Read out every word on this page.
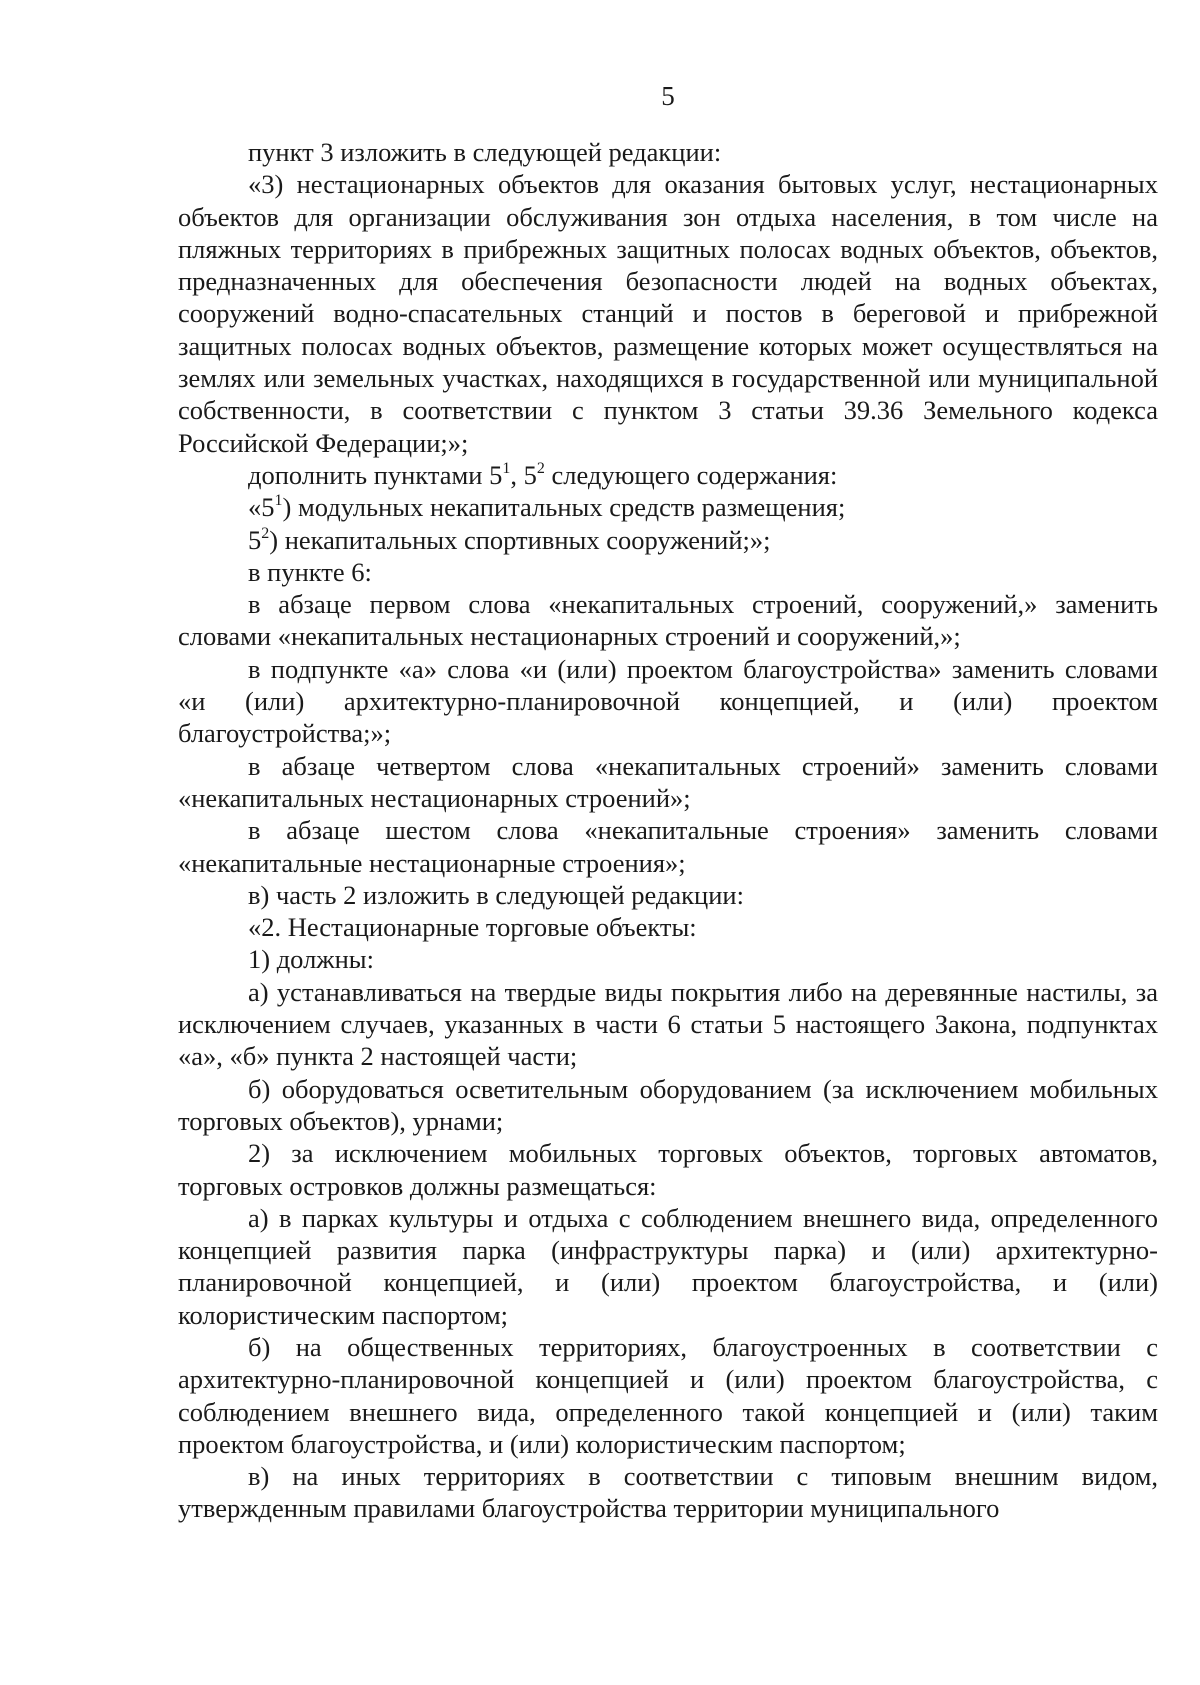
5

пункт 3 изложить в следующей редакции:

«3) нестационарных объектов для оказания бытовых услуг, нестационарных объектов для организации обслуживания зон отдыха населения, в том числе на пляжных территориях в прибрежных защитных полосах водных объектов, объектов, предназначенных для обеспечения безопасности людей на водных объектах, сооружений водно-спасательных станций и постов в береговой и прибрежной защитных полосах водных объектов, размещение которых может осуществляться на землях или земельных участках, находящихся в государственной или муниципальной собственности, в соответствии с пунктом 3 статьи 39.36 Земельного кодекса Российской Федерации;»;

дополнить пунктами $5^1$, $5^2$ следующего содержания:

«$5^1$) модульных некапитальных средств размещения;

$5^2$) некапитальных спортивных сооружений;»;

в пункте 6:

в абзаце первом слова «некапитальных строений, сооружений,» заменить словами «некапитальных нестационарных строений и сооружений,»;

в подпункте «а» слова «и (или) проектом благоустройства» заменить словами «и (или) архитектурно-планировочной концепцией, и (или) проектом благоустройства;»;

в абзаце четвертом слова «некапитальных строений» заменить словами «некапитальных нестационарных строений»;

в абзаце шестом слова «некапитальные строения» заменить словами «некапитальные нестационарные строения»;

в) часть 2 изложить в следующей редакции:

«2. Нестационарные торговые объекты:

1) должны:

а) устанавливаться на твердые виды покрытия либо на деревянные настилы, за исключением случаев, указанных в части 6 статьи 5 настоящего Закона, подпунктах «а», «б» пункта 2 настоящей части;

б) оборудоваться осветительным оборудованием (за исключением мобильных торговых объектов), урнами;

2) за исключением мобильных торговых объектов, торговых автоматов, торговых островков должны размещаться:

а) в парках культуры и отдыха с соблюдением внешнего вида, определенного концепцией развития парка (инфраструктуры парка) и (или) архитектурно-планировочной концепцией, и (или) проектом благоустройства, и (или) колористическим паспортом;

б) на общественных территориях, благоустроенных в соответствии с архитектурно-планировочной концепцией и (или) проектом благоустройства, с соблюдением внешнего вида, определенного такой концепцией и (или) таким проектом благоустройства, и (или) колористическим паспортом;

в) на иных территориях в соответствии с типовым внешним видом, утвержденным правилами благоустройства территории муниципального
